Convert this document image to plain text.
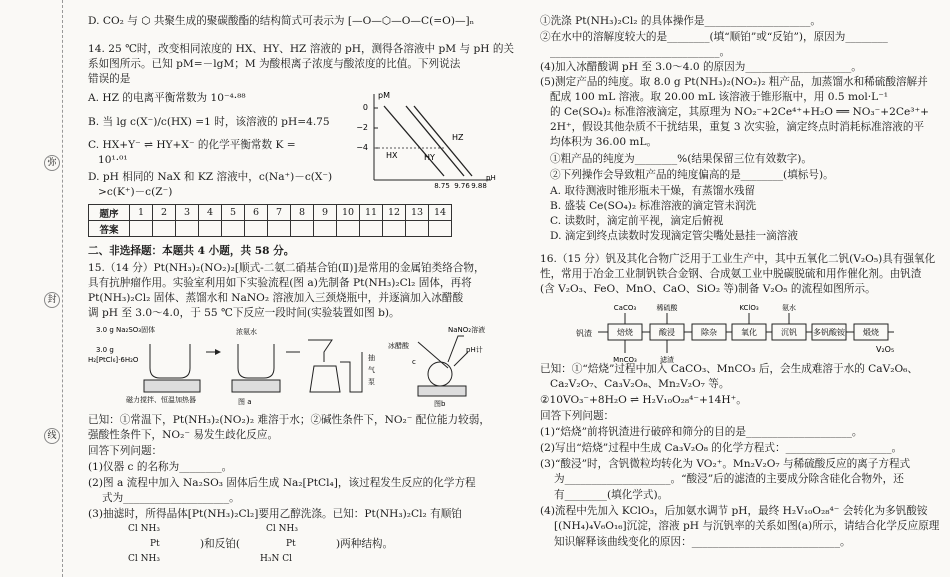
弥
封
线
D. CO₂ 与 ⬡ 共聚生成的聚碳酸酯的结构简式可表示为 [—O—⬡—O—C(=O)—]ₙ
14. 25 ℃时，改变相同浓度的 HX、HY、HZ 溶液的 pH，测得各溶液中 pM 与 pH 的关
系如图所示。已知 pM=－lgM；M 为酸根离子浓度与酸浓度的比值。下列说法
错误的是
A. HZ 的电离平衡常数为 10⁻⁴·⁸⁸
B. 当 lg c(X⁻)/c(HX) =1 时，该溶液的 pH=4.75
C. HX+Y⁻ ⇌ HY+X⁻ 的化学平衡常数 K =
10¹·⁰¹
D. pH 相同的 NaX 和 KZ 溶液中，c(Na⁺)－c(X⁻)
>c(K⁺)－c(Z⁻)
pM
0
−2
−4
HX	HY
HZ
8.75 9.76 9.88
pH
题序	1	2	3	4	5	6	7	8	9	10	11	12	13	14
答案														
二、非选择题：本题共 4 小题，共 58 分。
15.（14 分）Pt(NH₃)₂(NO₂)₂[顺式-二氨二硝基合铂(Ⅱ)]是常用的金属铂类络合物，
具有抗肿瘤作用。实验室利用如下实验流程(图 a)先制备 Pt(NH₃)₂Cl₂ 固体，再将
Pt(NH₃)₂Cl₂ 固体、蒸馏水和 NaNO₂ 溶液加入三颈烧瓶中，并逐滴加入冰醋酸
调 pH 至 3.0～4.0，于 55 ℃下反应一段时间(实验装置如图 b)。
3.0 g Na₂SO₃固体
3.0 g
H₂[PtCl₆]·6H₂O
磁力搅拌、恒温加热器
浓氨水
抽
气
泵
图 a
冰醋酸
c
NaNO₂溶液
pH计
图b
已知：①常温下，Pt(NH₃)₂(NO₂)₂ 难溶于水；②碱性条件下，NO₂⁻ 配位能力较弱，
强酸性条件下，NO₂⁻ 易发生歧化反应。
回答下列问题：
(1)仪器 c 的名称为________。
(2)图 a 流程中加入 Na₂SO₃ 固体后生成 Na₂[PtCl₄]，该过程发生反应的化学方程
式为____________________。
(3)抽滤时，所得晶体[Pt(NH₃)₂Cl₂]要用乙醇洗涤。已知：Pt(NH₃)₂Cl₂ 有顺铂
Cl NH₃
Pt
Cl NH₃
)和反铂(
Cl NH₃
Pt
H₃N Cl
)两种结构。
钒渣	焙烧	酸浸	除杂	氧化	沉钒 多钒酸铵 煅烧
CaCO₃	稀硫酸	KClO₃	氨水
MnCO₃	滤渣
V₂O₅
①洗涤 Pt(NH₃)₂Cl₂ 的具体操作是____________________。
②在水中的溶解度较大的是________(填“顺铂”或“反铂”)，原因为________
________________________________。
(4)加入冰醋酸调 pH 至 3.0～4.0 的原因为____________________。
(5)测定产品的纯度。取 8.0 g Pt(NH₃)₂(NO₂)₂ 粗产品，加蒸馏水和稀硫酸溶解并
配成 100 mL 溶液。取 20.00 mL 该溶液于锥形瓶中，用 0.5 mol·L⁻¹
的 Ce(SO₄)₂ 标准溶液滴定，其原理为 NO₂⁻+2Ce⁴⁺+H₂O ══ NO₃⁻+2Ce³⁺+
2H⁺，假设其他杂质不干扰结果，重复 3 次实验，滴定终点时消耗标准溶液的平
均体积为 36.00 mL。
①粗产品的纯度为________%(结果保留三位有效数字)。
②下列操作会导致粗产品的纯度偏高的是________(填标号)。
A. 取待测液时锥形瓶未干燥，有蒸馏水残留
B. 盛装 Ce(SO₄)₂ 标准溶液的滴定管未润洗
C. 读数时，滴定前平视，滴定后俯视
D. 滴定到终点读数时发现滴定管尖嘴处悬挂一滴溶液
16.（15 分）钒及其化合物广泛用于工业生产中，其中五氧化二钒(V₂O₅)具有强氧化
性，常用于冶金工业制钒铁合金钢、合成氨工业中脱碳脱硫和用作催化剂。由钒渣
(含 V₂O₃、FeO、MnO、CaO、SiO₂ 等)制备 V₂O₅ 的流程如图所示。
已知：①“焙烧”过程中加入 CaCO₃、MnCO₃ 后，会生成难溶于水的 CaV₂O₆、
Ca₂V₂O₇、Ca₃V₂O₈、Mn₂V₂O₇ 等。
②10VO₃⁻+8H₂O ⇌ H₂V₁₀O₂₈⁴⁻+14H⁺。
回答下列问题：
(1)“焙烧”前将钒渣进行破碎和筛分的目的是____________________。
(2)写出“焙烧”过程中生成 Ca₃V₂O₈ 的化学方程式：____________________。
(3)“酸浸”时，含钒微粒均转化为 VO₂⁺。Mn₂V₂O₇ 与稀硫酸反应的离子方程式
为____________________。“酸浸”后的滤渣的主要成分除含硅化合物外，还
有________(填化学式)。
(4)流程中先加入 KClO₃，后加氨水调节 pH，最终 H₂V₁₀O₂₈⁴⁻ 会转化为多钒酸铵
[(NH₄)₄V₆O₁₆]沉淀，溶液 pH 与沉钒率的关系如图(a)所示，请结合化学反应原理
知识解释该曲线变化的原因：____________________________。
